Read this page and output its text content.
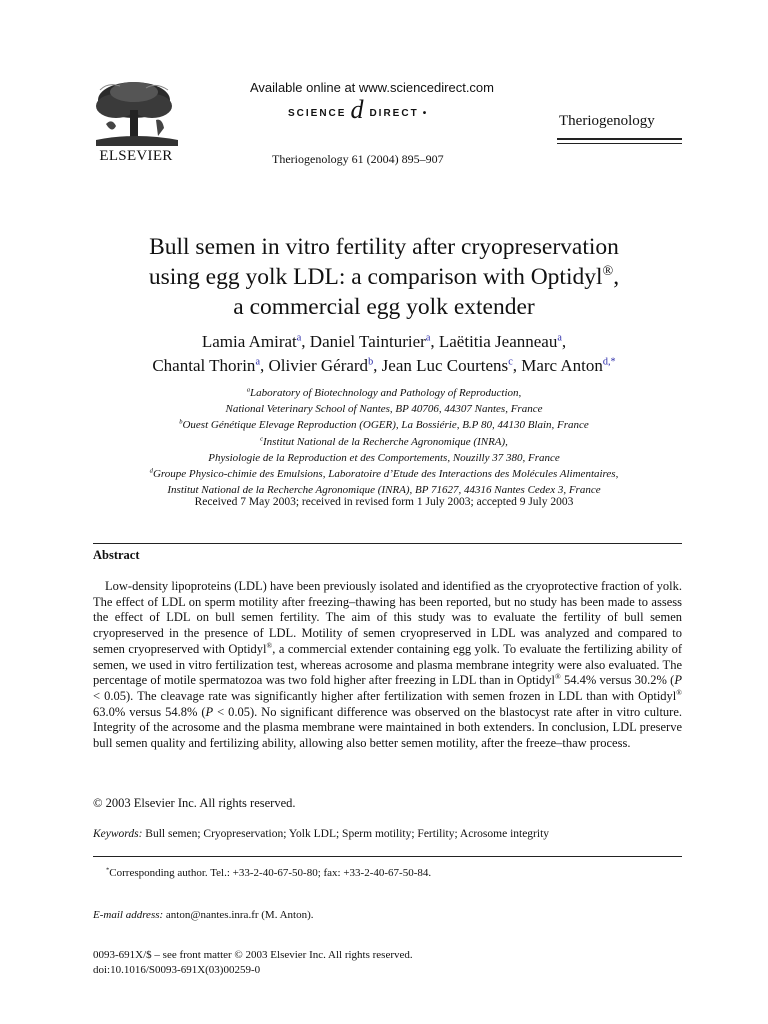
ELSEVIER
Available online at www.sciencedirect.com
SCIENCE d DIRECT •
Theriogenology 61 (2004) 895–907
Theriogenology
Bull semen in vitro fertility after cryopreservation
using egg yolk LDL: a comparison with Optidyl®,
a commercial egg yolk extender
Lamia Amirat$^a$, Daniel Tainturier$^a$, Laëtitia Jeanneau$^a$,
Chantal Thorin$^a$, Olivier Gérard$^b$, Jean Luc Courtens$^c$, Marc Anton$^{d,*}$
$^a$Laboratory of Biotechnology and Pathology of Reproduction,
National Veterinary School of Nantes, BP 40706, 44307 Nantes, France
$^b$Ouest Génétique Elevage Reproduction (OGER), La Bossiérie, B.P 80, 44130 Blain, France
$^c$Institut National de la Recherche Agronomique (INRA),
Physiologie de la Reproduction et des Comportements, Nouzilly 37 380, France
$^d$Groupe Physico-chimie des Emulsions, Laboratoire d’Etude des Interactions des Molécules Alimentaires,
Institut National de la Recherche Agronomique (INRA), BP 71627, 44316 Nantes Cedex 3, France
Received 7 May 2003; received in revised form 1 July 2003; accepted 9 July 2003
Abstract
Low-density lipoproteins (LDL) have been previously isolated and identified as the cryoprotective fraction of yolk. The effect of LDL on sperm motility after freezing–thawing has been reported, but no study has been made to assess the effect of LDL on bull semen fertility. The aim of this study was to evaluate the fertility of bull semen cryopreserved in the presence of LDL. Motility of semen cryopreserved in LDL was analyzed and compared to semen cryopreserved with Optidyl®, a commercial extender containing egg yolk. To evaluate the fertilizing ability of semen, we used in vitro fertilization test, whereas acrosome and plasma membrane integrity were also evaluated. The percentage of motile spermatozoa was two fold higher after freezing in LDL than in Optidyl® 54.4% versus 30.2% (P < 0.05). The cleavage rate was significantly higher after fertilization with semen frozen in LDL than with Optidyl® 63.0% versus 54.8% (P < 0.05). No significant difference was observed on the blastocyst rate after in vitro culture. Integrity of the acrosome and the plasma membrane were maintained in both extenders. In conclusion, LDL preserve bull semen quality and fertilizing ability, allowing also better semen motility, after the freeze–thaw process.
© 2003 Elsevier Inc. All rights reserved.
Keywords: Bull semen; Cryopreservation; Yolk LDL; Sperm motility; Fertility; Acrosome integrity
*Corresponding author. Tel.: +33-2-40-67-50-80; fax: +33-2-40-67-50-84.
E-mail address: anton@nantes.inra.fr (M. Anton).
0093-691X/$ – see front matter © 2003 Elsevier Inc. All rights reserved.
doi:10.1016/S0093-691X(03)00259-0
